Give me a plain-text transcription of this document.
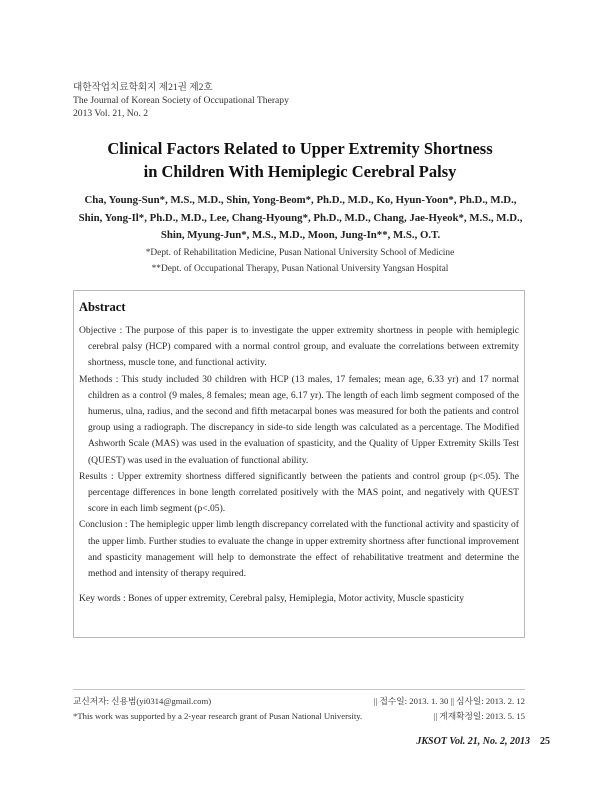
대한작업치료학회지 제21권 제2호
The Journal of Korean Society of Occupational Therapy
2013 Vol. 21, No. 2
Clinical Factors Related to Upper Extremity Shortness
in Children With Hemiplegic Cerebral Palsy
Cha, Young-Sun*, M.S., M.D., Shin, Yong-Beom*, Ph.D., M.D., Ko, Hyun-Yoon*, Ph.D., M.D.,
Shin, Yong-Il*, Ph.D., M.D., Lee, Chang-Hyoung*, Ph.D., M.D., Chang, Jae-Hyeok*, M.S., M.D.,
Shin, Myung-Jun*, M.S., M.D., Moon, Jung-In**, M.S., O.T.
*Dept. of Rehabilitation Medicine, Pusan National University School of Medicine
**Dept. of Occupational Therapy, Pusan National University Yangsan Hospital
Abstract

Objective : The purpose of this paper is to investigate the upper extremity shortness in people with hemiplegic cerebral palsy (HCP) compared with a normal control group, and evaluate the correlations between extremity shortness, muscle tone, and functional activity.

Methods : This study included 30 children with HCP (13 males, 17 females; mean age, 6.33 yr) and 17 normal children as a control (9 males, 8 females; mean age, 6.17 yr). The length of each limb segment composed of the humerus, ulna, radius, and the second and fifth metacarpal bones was measured for both the patients and control group using a radiograph. The discrepancy in side-to side length was calculated as a percentage. The Modified Ashworth Scale (MAS) was used in the evaluation of spasticity, and the Quality of Upper Extremity Skills Test (QUEST) was used in the evaluation of functional ability.

Results : Upper extremity shortness differed significantly between the patients and control group (p<.05). The percentage differences in bone length correlated positively with the MAS point, and negatively with QUEST score in each limb segment (p<.05).

Conclusion : The hemiplegic upper limb length discrepancy correlated with the functional activity and spasticity of the upper limb. Further studies to evaluate the change in upper extremity shortness after functional improvement and spasticity management will help to demonstrate the effect of rehabilitative treatment and determine the method and intensity of therapy required.

Key words : Bones of upper extremity, Cerebral palsy, Hemiplegia, Motor activity, Muscle spasticity

교신저자: 신용범(yi0314@gmail.com)	|| 접수일: 2013. 1. 30 || 심사일: 2013. 2. 12
*This work was supported by a 2-year research grant of Pusan National University.	|| 게재확정일: 2013. 5. 15
JKSOT Vol. 21, No. 2, 2013 25
